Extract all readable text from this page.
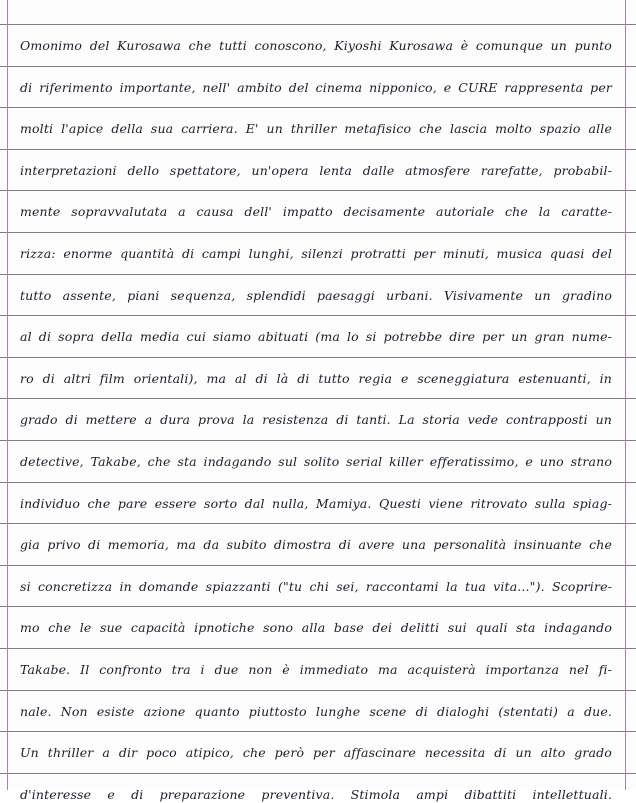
Omonimo del Kurosawa che tutti conoscono, Kiyoshi Kurosawa è comunque un punto
di riferimento importante, nell' ambito del cinema nipponico, e CURE rappresenta per
molti l'apice della sua carriera. E' un thriller metafisico che lascia molto spazio alle
interpretazioni dello spettatore, un'opera lenta dalle atmosfere rarefatte, probabil-
mente sopravvalutata a causa dell' impatto decisamente autoriale che la caratte-
rizza: enorme quantità di campi lunghi, silenzi protratti per minuti, musica quasi del
tutto assente, piani sequenza, splendidi paesaggi urbani. Visivamente un gradino
al di sopra della media cui siamo abituati (ma lo si potrebbe dire per un gran nume-
ro di altri film orientali), ma al di là di tutto regia e sceneggiatura estenuanti, in
grado di mettere a dura prova la resistenza di tanti. La storia vede contrapposti un
detective, Takabe, che sta indagando sul solito serial killer efferatissimo, e uno strano
individuo che pare essere sorto dal nulla, Mamiya. Questi viene ritrovato sulla spiag-
gia privo di memoria, ma da subito dimostra di avere una personalità insinuante che
si concretizza in domande spiazzanti ("tu chi sei, raccontami la tua vita..."). Scoprire-
mo che le sue capacità ipnotiche sono alla base dei delitti sui quali sta indagando
Takabe. Il confronto tra i due non è immediato ma acquisterà importanza nel fi-
nale. Non esiste azione quanto piuttosto lunghe scene di dialoghi (stentati) a due.
Un thriller a dir poco atipico, che però per affascinare necessita di un alto grado
d'interesse e di preparazione preventiva. Stimola ampi dibattiti intellettuali.
